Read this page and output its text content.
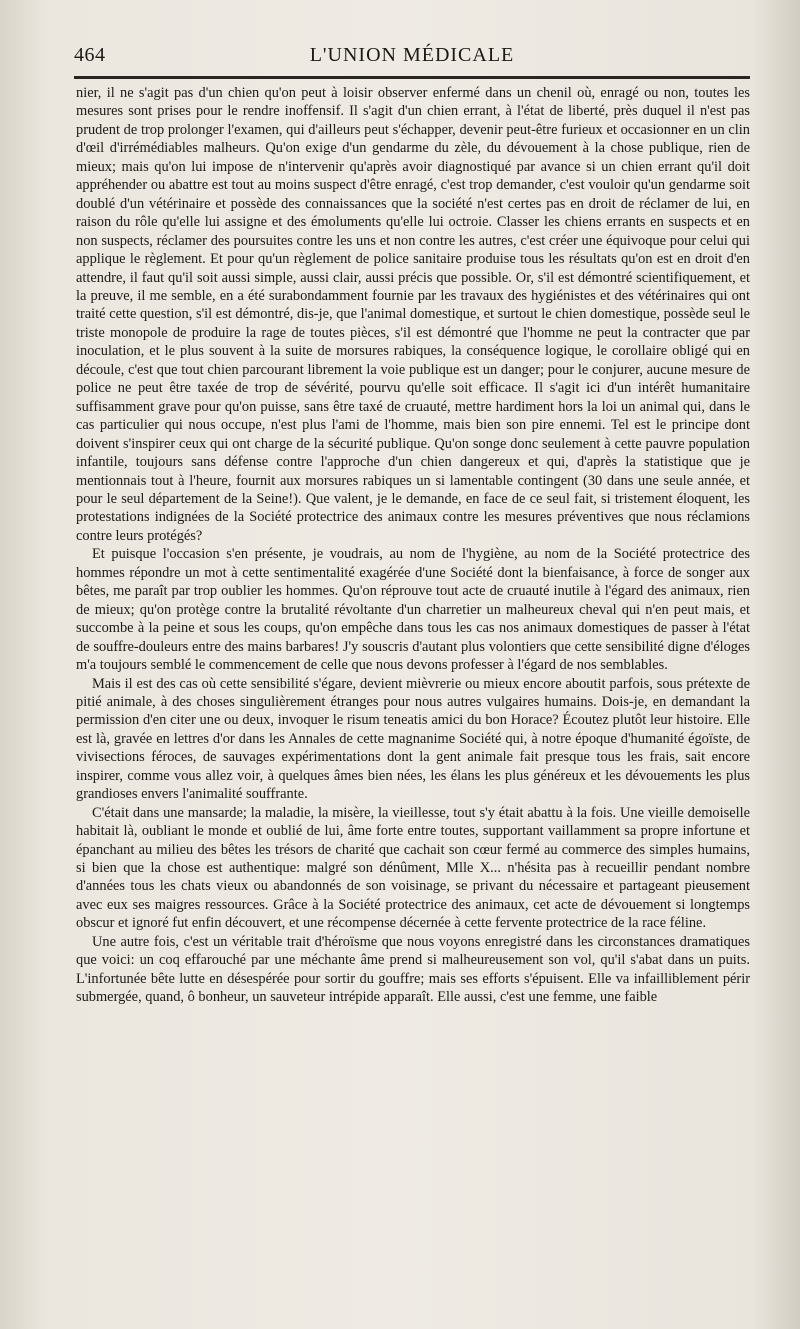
464	L'UNION MÉDICALE

nier, il ne s'agit pas d'un chien qu'on peut à loisir observer enfermé dans un chenil où, enragé ou non, toutes les mesures sont prises pour le rendre inoffensif. Il s'agit d'un chien errant, à l'état de liberté, près duquel il n'est pas prudent de trop prolonger l'examen, qui d'ailleurs peut s'échapper, devenir peut-être furieux et occasionner en un clin d'œil d'irrémédiables malheurs. Qu'on exige d'un gendarme du zèle, du dévouement à la chose publique, rien de mieux; mais qu'on lui impose de n'intervenir qu'après avoir diagnostiqué par avance si un chien errant qu'il doit appréhender ou abattre est tout au moins suspect d'être enragé, c'est trop demander, c'est vouloir qu'un gendarme soit doublé d'un vétérinaire et possède des connaissances que la société n'est certes pas en droit de réclamer de lui, en raison du rôle qu'elle lui assigne et des émoluments qu'elle lui octroie. Classer les chiens errants en suspects et en non suspects, réclamer des poursuites contre les uns et non contre les autres, c'est créer une équivoque pour celui qui applique le règlement. Et pour qu'un règlement de police sanitaire produise tous les résultats qu'on est en droit d'en attendre, il faut qu'il soit aussi simple, aussi clair, aussi précis que possible. Or, s'il est démontré scientifiquement, et la preuve, il me semble, en a été surabondamment fournie par les travaux des hygiénistes et des vétérinaires qui ont traité cette question, s'il est démontré, dis-je, que l'animal domestique, et surtout le chien domestique, possède seul le triste monopole de produire la rage de toutes pièces, s'il est démontré que l'homme ne peut la contracter que par inoculation, et le plus souvent à la suite de morsures rabiques, la conséquence logique, le corollaire obligé qui en découle, c'est que tout chien parcourant librement la voie publique est un danger; pour le conjurer, aucune mesure de police ne peut être taxée de trop de sévérité, pourvu qu'elle soit efficace. Il s'agit ici d'un intérêt humanitaire suffisamment grave pour qu'on puisse, sans être taxé de cruauté, mettre hardiment hors la loi un animal qui, dans le cas particulier qui nous occupe, n'est plus l'ami de l'homme, mais bien son pire ennemi. Tel est le principe dont doivent s'inspirer ceux qui ont charge de la sécurité publique. Qu'on songe donc seulement à cette pauvre population infantile, toujours sans défense contre l'approche d'un chien dangereux et qui, d'après la statistique que je mentionnais tout à l'heure, fournit aux morsures rabiques un si lamentable contingent (30 dans une seule année, et pour le seul département de la Seine!). Que valent, je le demande, en face de ce seul fait, si tristement éloquent, les protestations indignées de la Société protectrice des animaux contre les mesures préventives que nous réclamions contre leurs protégés?

Et puisque l'occasion s'en présente, je voudrais, au nom de l'hygiène, au nom de la Société protectrice des hommes répondre un mot à cette sentimentalité exagérée d'une Société dont la bienfaisance, à force de songer aux bêtes, me paraît par trop oublier les hommes. Qu'on réprouve tout acte de cruauté inutile à l'égard des animaux, rien de mieux; qu'on protège contre la brutalité révoltante d'un charretier un malheureux cheval qui n'en peut mais, et succombe à la peine et sous les coups, qu'on empêche dans tous les cas nos animaux domestiques de passer à l'état de souffre-douleurs entre des mains barbares! J'y souscris d'autant plus volontiers que cette sensibilité digne d'éloges m'a toujours semblé le commencement de celle que nous devons professer à l'égard de nos semblables.

Mais il est des cas où cette sensibilité s'égare, devient mièvrerie ou mieux encore aboutit parfois, sous prétexte de pitié animale, à des choses singulièrement étranges pour nous autres vulgaires humains. Dois-je, en demandant la permission d'en citer une ou deux, invoquer le risum teneatis amici du bon Horace? Écoutez plutôt leur histoire. Elle est là, gravée en lettres d'or dans les Annales de cette magnanime Société qui, à notre époque d'humanité égoïste, de vivisections féroces, de sauvages expérimentations dont la gent animale fait presque tous les frais, sait encore inspirer, comme vous allez voir, à quelques âmes bien nées, les élans les plus généreux et les dévouements les plus grandioses envers l'animalité souffrante.

C'était dans une mansarde; la maladie, la misère, la vieillesse, tout s'y était abattu à la fois. Une vieille demoiselle habitait là, oubliant le monde et oublié de lui, âme forte entre toutes, supportant vaillamment sa propre infortune et épanchant au milieu des bêtes les trésors de charité que cachait son cœur fermé au commerce des simples humains, si bien que la chose est authentique: malgré son dénûment, Mlle X... n'hésita pas à recueillir pendant nombre d'années tous les chats vieux ou abandonnés de son voisinage, se privant du nécessaire et partageant pieusement avec eux ses maigres ressources. Grâce à la Société protectrice des animaux, cet acte de dévouement si longtemps obscur et ignoré fut enfin découvert, et une récompense décernée à cette fervente protectrice de la race féline.

Une autre fois, c'est un véritable trait d'héroïsme que nous voyons enregistré dans les circonstances dramatiques que voici: un coq effarouché par une méchante âme prend si malheureusement son vol, qu'il s'abat dans un puits. L'infortunée bête lutte en désespérée pour sortir du gouffre; mais ses efforts s'épuisent. Elle va infailliblement périr submergée, quand, ô bonheur, un sauveteur intrépide apparaît. Elle aussi, c'est une femme, une faible
